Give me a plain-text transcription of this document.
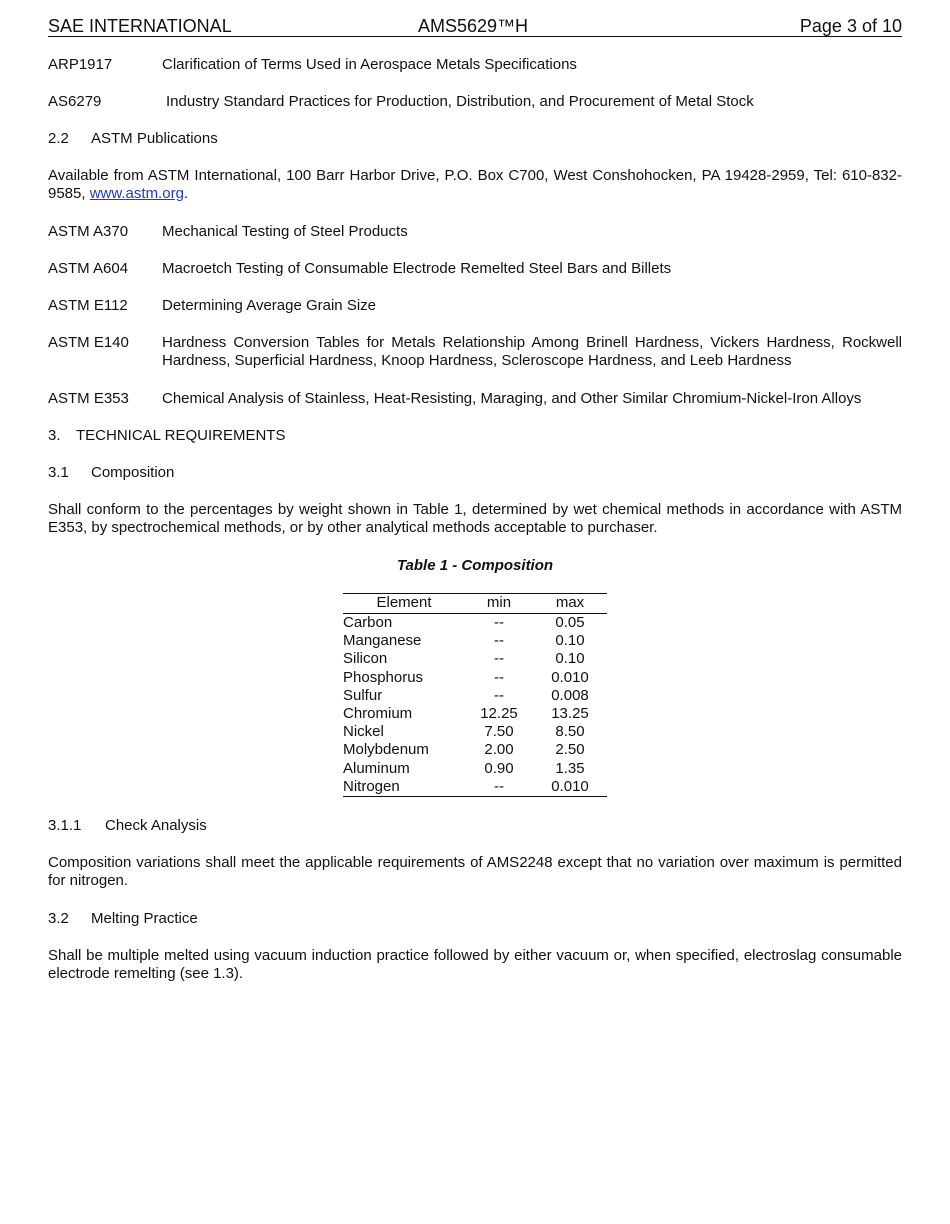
SAE INTERNATIONAL	AMS5629™H	Page 3 of 10
ARP1917	Clarification of Terms Used in Aerospace Metals Specifications
AS6279	Industry Standard Practices for Production, Distribution, and Procurement of Metal Stock
2.2 ASTM Publications
Available from ASTM International, 100 Barr Harbor Drive, P.O. Box C700, West Conshohocken, PA 19428-2959, Tel: 610-832-9585, www.astm.org.
ASTM A370	Mechanical Testing of Steel Products
ASTM A604	Macroetch Testing of Consumable Electrode Remelted Steel Bars and Billets
ASTM E112	Determining Average Grain Size
ASTM E140	Hardness Conversion Tables for Metals Relationship Among Brinell Hardness, Vickers Hardness, Rockwell Hardness, Superficial Hardness, Knoop Hardness, Scleroscope Hardness, and Leeb Hardness
ASTM E353	Chemical Analysis of Stainless, Heat-Resisting, Maraging, and Other Similar Chromium-Nickel-Iron Alloys
3. TECHNICAL REQUIREMENTS
3.1 Composition
Shall conform to the percentages by weight shown in Table 1, determined by wet chemical methods in accordance with ASTM E353, by spectrochemical methods, or by other analytical methods acceptable to purchaser.
Table 1 - Composition
Element	min	max
Carbon	--	0.05
Manganese	--	0.10
Silicon	--	0.10
Phosphorus	--	0.010
Sulfur	--	0.008
Chromium	12.25	13.25
Nickel	7.50	8.50
Molybdenum	2.00	2.50
Aluminum	0.90	1.35
Nitrogen	--	0.010
3.1.1 Check Analysis
Composition variations shall meet the applicable requirements of AMS2248 except that no variation over maximum is permitted for nitrogen.
3.2 Melting Practice
Shall be multiple melted using vacuum induction practice followed by either vacuum or, when specified, electroslag consumable electrode remelting (see 1.3).
